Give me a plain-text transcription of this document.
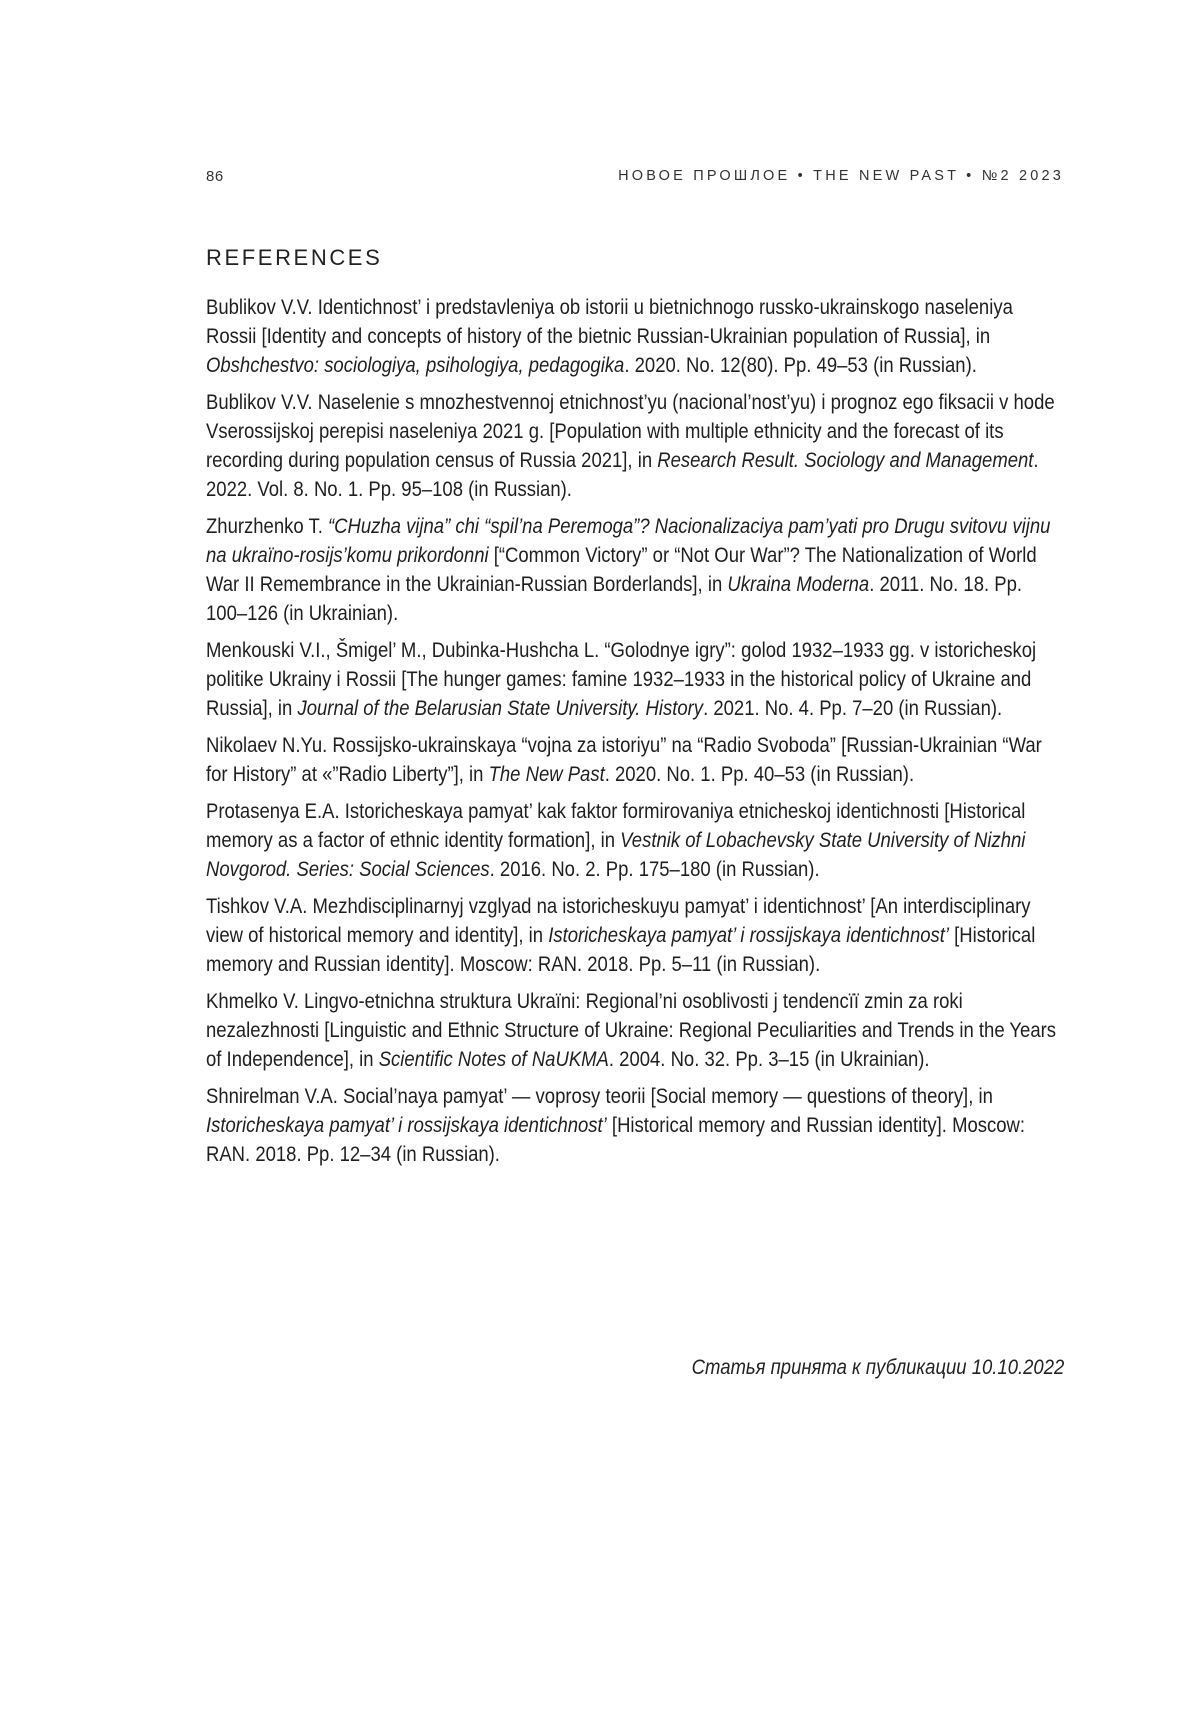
86	НОВОЕ ПРОШЛОЕ • THE NEW PAST • №2 2023
REFERENCES

Bublikov V.V. Identichnost’ i predstavleniya ob istorii u bietnichnogo russko-ukrainskogo naseleniya Rossii [Identity and concepts of history of the bietnic Russian-Ukrainian population of Russia], in Obshchestvo: sociologiya, psihologiya, pedagogika. 2020. No. 12(80). Pp. 49–53 (in Russian).

Bublikov V.V. Naselenie s mnozhestvennoj etnichnost’yu (nacional’nost’yu) i prognoz ego fiksacii v hode Vserossijskoj perepisi naseleniya 2021 g. [Population with multiple ethnicity and the forecast of its recording during population census of Russia 2021], in Research Result. Sociology and Management. 2022. Vol. 8. No. 1. Pp. 95–108 (in Russian).

Zhurzhenko T. “CHuzha vijna” chi “spil’na Peremoga”? Nacionalizaciya pam’yati pro Drugu svitovu vijnu na ukraïno-rosijs’komu prikordonni [“Common Victory” or “Not Our War”? The Nationalization of World War II Remembrance in the Ukrainian-Russian Borderlands], in Ukraina Moderna. 2011. No. 18. Pp. 100–126 (in Ukrainian).

Menkouski V.I., Šmigel’ M., Dubinka-Hushcha L. “Golodnye igry”: golod 1932–1933 gg. v istoricheskoj politike Ukrainy i Rossii [The hunger games: famine 1932–1933 in the historical policy of Ukraine and Russia], in Journal of the Belarusian State University. History. 2021. No. 4. Pp. 7–20 (in Russian).

Nikolaev N.Yu. Rossijsko-ukrainskaya “vojna za istoriyu” na “Radio Svoboda” [Russian-Ukrainian “War for History” at «”Radio Liberty”], in The New Past. 2020. No. 1. Pp. 40–53 (in Russian).

Protasenya E.A. Istoricheskaya pamyat’ kak faktor formirovaniya etnicheskoj identichnosti [Historical memory as a factor of ethnic identity formation], in Vestnik of Lobachevsky State University of Nizhni Novgorod. Series: Social Sciences. 2016. No. 2. Pp. 175–180 (in Russian).

Tishkov V.A. Mezhdisciplinarnyj vzglyad na istoricheskuyu pamyat’ i identichnost’ [An interdisciplinary view of historical memory and identity], in Istoricheskaya pamyat’ i rossijskaya identichnost’ [Historical memory and Russian identity]. Moscow: RAN. 2018. Pp. 5–11 (in Russian).

Khmelko V. Lingvo-etnichna struktura Ukraïni: Regional’ni osoblivosti j tendencïï zmin za roki nezalezhnosti [Linguistic and Ethnic Structure of Ukraine: Regional Peculiarities and Trends in the Years of Independence], in Scientific Notes of NaUKMA. 2004. No. 32. Pp. 3–15 (in Ukrainian).

Shnirelman V.A. Social’naya pamyat’ — voprosy teorii [Social memory — questions of theory], in Istoricheskaya pamyat’ i rossijskaya identichnost’ [Historical memory and Russian identity]. Moscow: RAN. 2018. Pp. 12–34 (in Russian).

Статья принята к публикации 10.10.2022
